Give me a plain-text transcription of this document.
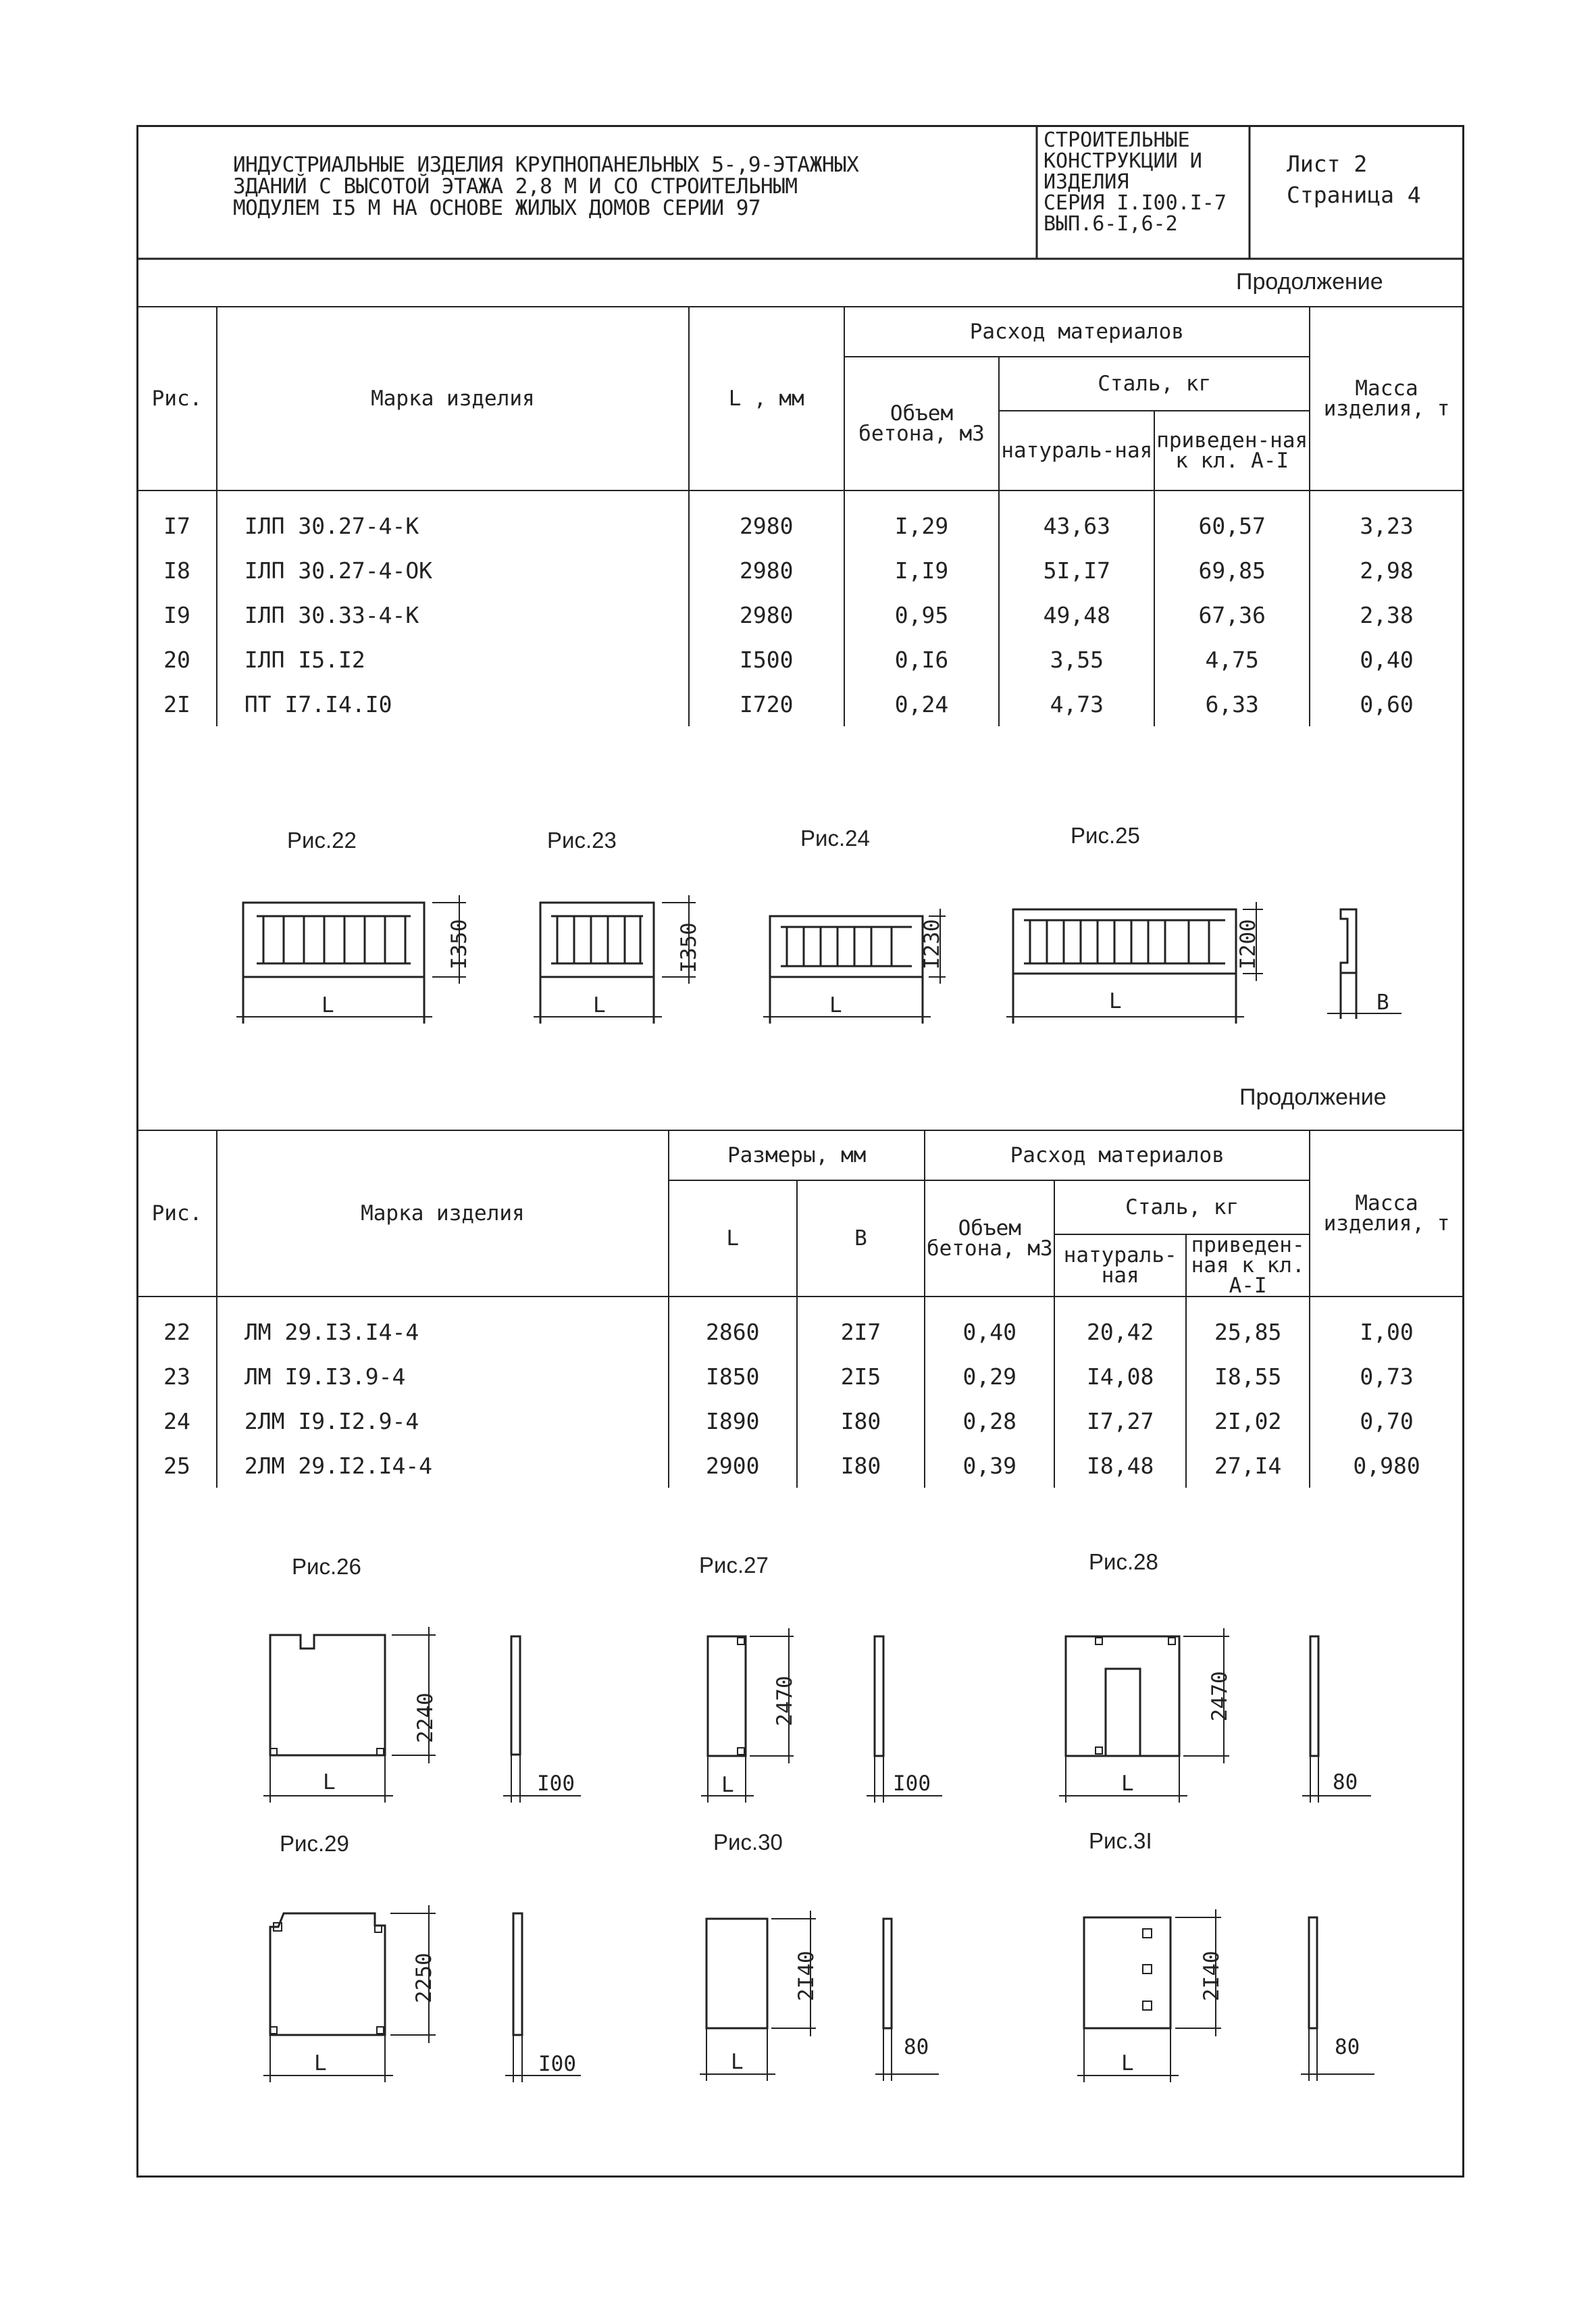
ИНДУСТРИАЛЬНЫЕ ИЗДЕЛИЯ КРУПНОПАНЕЛЬНЫХ 5-,9-ЭТАЖНЫХ
ЗДАНИЙ С ВЫСОТОЙ ЭТАЖА 2,8 М И СО СТРОИТЕЛЬНЫМ
МОДУЛЕМ I5 М НА ОСНОВЕ ЖИЛЫХ ДОМОВ СЕРИИ 97
СТРОИТЕЛЬНЫЕ
КОНСТРУКЦИИ И
ИЗДЕЛИЯ
СЕРИЯ I.I00.I-7
ВЫП.6-I,6-2
Лист 2
Страница 4
Продолжение
Рис.	Марка изделия	L , мм	Расход материалов			Масса изделия, т
			Объем бетона, м3	Сталь, кг		
				натураль-ная	приведен-ная к кл. A-I	
I7	IЛП 30.27-4-К	2980	I,29	43,63	60,57	3,23
I8	IЛП 30.27-4-ОК	2980	I,I9	5I,I7	69,85	2,98
I9	IЛП 30.33-4-К	2980	0,95	49,48	67,36	2,38
20	IЛП I5.I2	I500	0,I6	3,55	4,75	0,40
2I	ПТ I7.I4.I0	I720	0,24	4,73	6,33	0,60
Рис.22	Рис.23	Рис.24	Рис.25
L
I350
L
I350
L
I230
L
I200
B
Продолжение
Рис.	Марка изделия	Размеры, мм		Расход материалов			Масса изделия, т
		L	B	Объем бетона, м3	Сталь, кг		
					натураль-ная	приведен-ная к кл. A-I	
22	ЛМ 29.I3.I4-4	2860	2I7	0,40	20,42	25,85	I,00
23	ЛМ I9.I3.9-4	I850	2I5	0,29	I4,08	I8,55	0,73
24	2ЛМ I9.I2.9-4	I890	I80	0,28	I7,27	2I,02	0,70
25	2ЛМ 29.I2.I4-4	2900	I80	0,39	I8,48	27,I4	0,980
Рис.26	Рис.27	Рис.28
Рис.29	Рис.30	Рис.3I
L
2240
I00	L
2470
I00	L
2470
80
L
2250
I00	L
2I40
80
L
2I40
80
